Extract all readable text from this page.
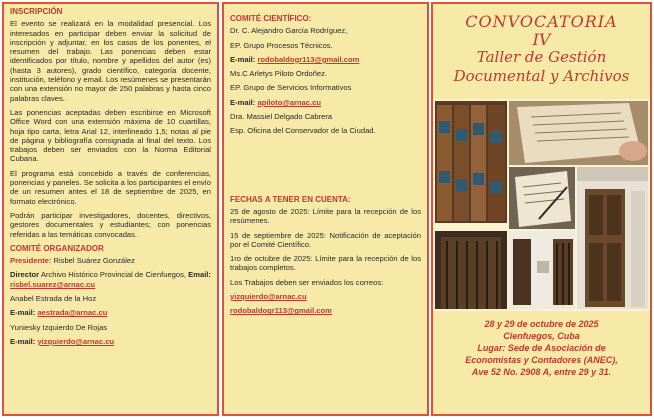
INSCRIPCIÓN

El evento se realizará en la modalidad presencial. Los interesados en participar deben enviar la solicitud de inscripción y adjuntar, en los casos de los ponentes, el resumen del trabajo. Las ponencias deben estar identificados por título, nombre y apellidos del autor (es) (hasta 3 autores), grado científico, categoría docente, institución, teléfono y email. Los resúmenes se presentarán con una extensión no mayor de 250 palabras y hasta cinco palabras claves.

Las ponencias aceptadas deben escribirse en Microsoft Office Word con una extensión máxima de 10 cuartillas, hoja tipo carta, letra Arial 12, interlineado 1,5; notas al pie de página y bibliografía consignada al final del texto. Los trabajos deben ser enviados con la Norma Editorial Cubana.

El programa está concebido a través de conferencias, ponencias y paneles. Se solicita a los participantes el envío de un resumen antes el 18 de septiembre de 2025, en formato electrónico.

Podrán participar investigadores, docentes, directivos, gestores documentales y estudiantes; con ponencias referidas a las temáticas convocadas.

COMITÉ ORGANIZADOR
Presidente: Risbel Suárez González
Director Archivo Histórico Provincial de Cienfuegos, Email: risbel.suarez@arnac.cu
Anabel Estrada de la Hoz
E-mail: aestrada@arnac.cu
Yuniesky Izquierdo De Rojas
E-mail: yizquierdo@arnac.cu
COMITÉ CIENTÍFICO:
Dr. C. Alejandro García Rodríguez,
EP. Grupo Procesos Técnicos.
E-mail: rodobaldogr113@gmail.com
Ms.C Arletys Piloto Ordoñez.
EP. Grupo de Servicios Informativos
E-mail: apiloto@arnac.cu
Dra. Massiel Delgado Cabrera
Esp. Oficina del Conservador de la Ciudad.
FECHAS A TENER EN CUENTA:

25 de agosto de 2025: Límite para la recepción de los resúmenes.

15 de septiembre de 2025: Notificación de aceptación por el Comité Científico.

1ro de octubre de 2025: Límite para la recepción de los trabajos completos.

Los Trabajos deben ser enviados los correos:

yizquierdo@arnac.cu
rodobaldogr113@gmail.com
CONVOCATORIA
IV
Taller de Gestión
Documental y Archivos
28 y 29 de octubre de 2025
Cienfuegos, Cuba
Lugar: Sede de Asociación de
Economistas y Contadores (ANEC),
Ave 52 No. 2908 A, entre 29 y 31.
